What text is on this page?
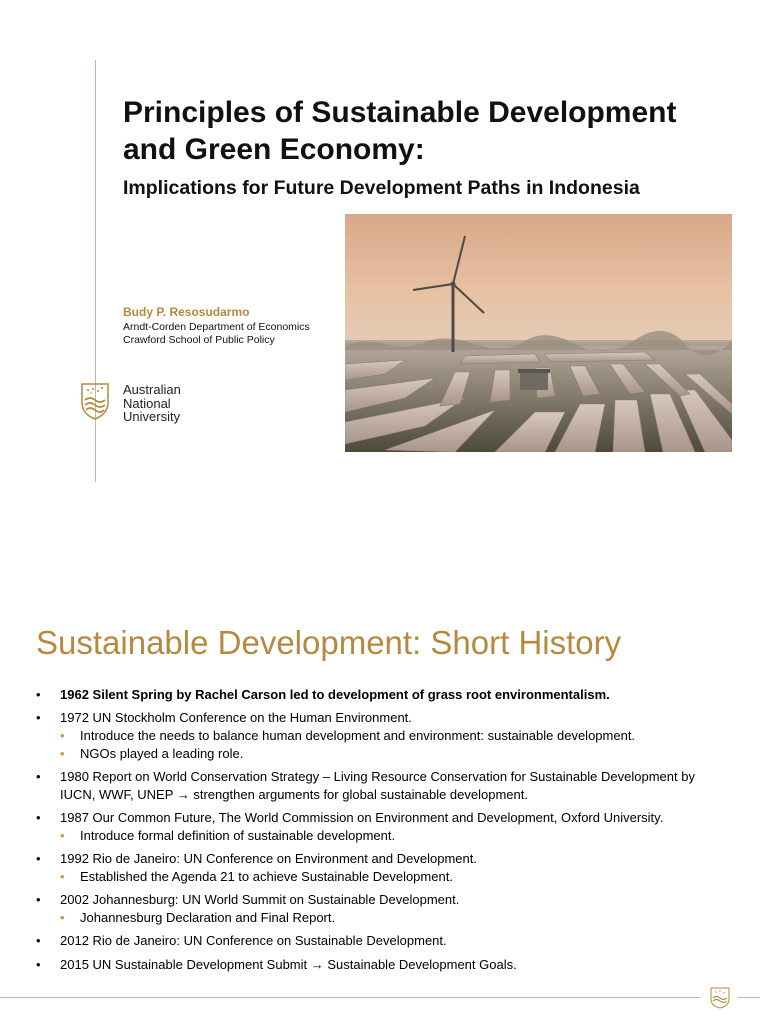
Principles of Sustainable Development
and Green Economy:
Implications for Future Development Paths in Indonesia
Budy P. Resosudarmo
Arndt-Corden Department of Economics
Crawford School of Public Policy
Australian
National
University
Sustainable Development: Short History
• 1962 Silent Spring by Rachel Carson led to development of grass root environmentalism.
• 1972 UN Stockholm Conference on the Human Environment.
• Introduce the needs to balance human development and environment: sustainable development.
• NGOs played a leading role.
• 1980 Report on World Conservation Strategy – Living Resource Conservation for Sustainable Development by IUCN, WWF, UNEP → strengthen arguments for global sustainable development.
• 1987 Our Common Future, The World Commission on Environment and Development, Oxford University.
• Introduce formal definition of sustainable development.
• 1992 Rio de Janeiro: UN Conference on Environment and Development.
• Established the Agenda 21 to achieve Sustainable Development.
• 2002 Johannesburg: UN World Summit on Sustainable Development.
• Johannesburg Declaration and Final Report.
• 2012 Rio de Janeiro: UN Conference on Sustainable Development.
• 2015 UN Sustainable Development Submit → Sustainable Development Goals.
